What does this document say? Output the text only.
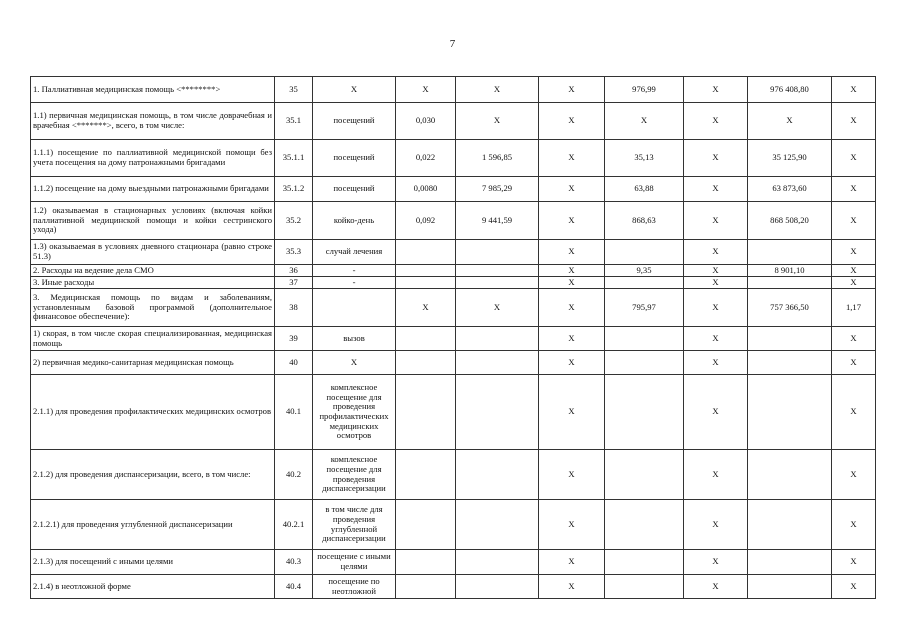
7
1. Паллиативная медицинская помощь <********>	35	X	X	X	X	976,99	X	976 408,80	X
1.1) первичная медицинская помощь, в том числе доврачебная и врачебная <*******>, всего, в том числе:	35.1	посещений	0,030	X	X	X	X	X	X
1.1.1) посещение по паллиативной медицинской помощи без учета посещения на дому патронажными бригадами	35.1.1	посещений	0,022	1 596,85	X	35,13	X	35 125,90	X
1.1.2) посещение на дому выездными патронажными бригадами	35.1.2	посещений	0,0080	7 985,29	X	63,88	X	63 873,60	X
1.2) оказываемая в стационарных условиях (включая койки паллиативной медицинской помощи и койки сестринского ухода)	35.2	койко-день	0,092	9 441,59	X	868,63	X	868 508,20	X
1.3) оказываемая в условиях дневного стационара (равно строке 51.3)	35.3	случай лечения			X		X		X
2. Расходы на ведение дела СМО	36	-			X	9,35	X	8 901,10	X
3. Иные расходы	37	-			X		X		X
3. Медицинская помощь по видам и заболеваниям, установленным базовой программой (дополнительное финансовое обеспечение):	38		X	X	X	795,97	X	757 366,50	1,17
1) скорая, в том числе скорая специализированная, медицинская помощь	39	вызов			X		X		X
2) первичная медико-санитарная медицинская помощь	40	X			X		X		X
2.1.1) для проведения профилактических медицинских осмотров	40.1	комплексное посещение для проведения профилактических медицинских осмотров			X		X		X
2.1.2) для проведения диспансеризации, всего, в том числе:	40.2	комплексное посещение для проведения диспансеризации			X		X		X
2.1.2.1) для проведения углубленной диспансеризации	40.2.1	в том числе для проведения углубленной диспансеризации			X		X		X
2.1.3) для посещений с иными целями	40.3	посещение с иными целями			X		X		X
2.1.4) в неотложной форме	40.4	посещение по неотложной			X		X		X
